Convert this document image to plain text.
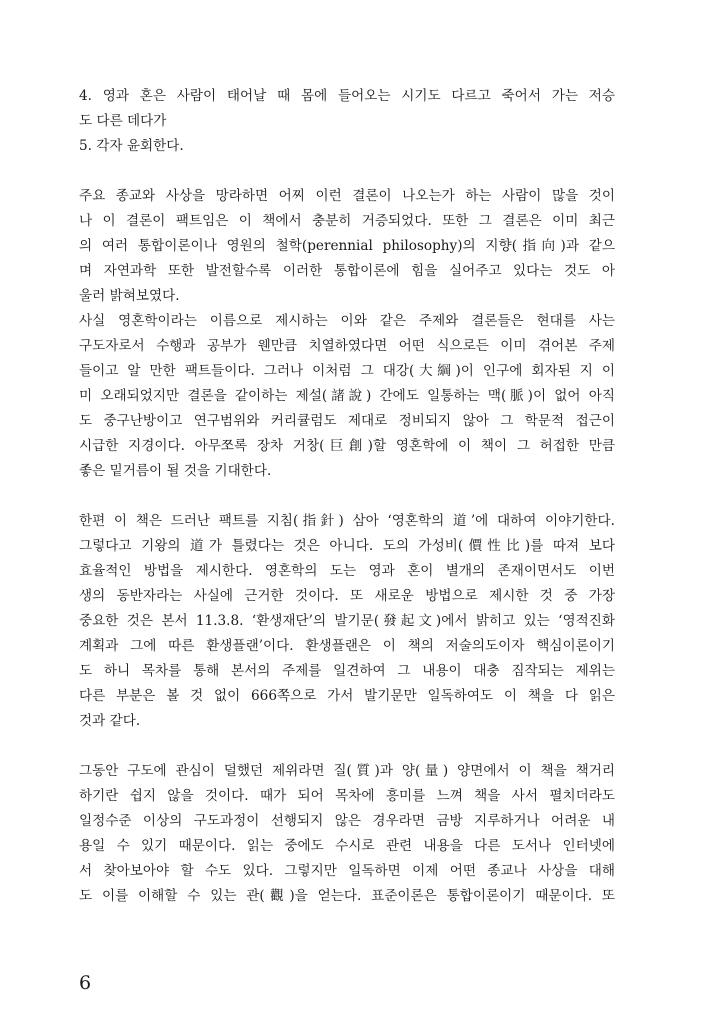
4. 영과 혼은 사람이 태어날 때 몸에 들어오는 시기도 다르고 죽어서 가는 저승
도 다른 데다가
5. 각자 윤회한다.
주요 종교와 사상을 망라하면 어찌 이런 결론이 나오는가 하는 사람이 많을 것이
나 이 결론이 팩트임은 이 책에서 충분히 거증되었다. 또한 그 결론은 이미 최근
의 여러 통합이론이나 영원의 철학(perennial philosophy)의 지향(指向)과 같으
며 자연과학 또한 발전할수록 이러한 통합이론에 힘을 실어주고 있다는 것도 아
울러 밝혀보였다.
사실 영혼학이라는 이름으로 제시하는 이와 같은 주제와 결론들은 현대를 사는
구도자로서 수행과 공부가 웬만큼 치열하였다면 어떤 식으로든 이미 겪어본 주제
들이고 알 만한 팩트들이다. 그러나 이처럼 그 대강(大綱)이 인구에 회자된 지 이
미 오래되었지만 결론을 같이하는 제설(諸說) 간에도 일통하는 맥(脈)이 없어 아직
도 중구난방이고 연구범위와 커리큘럼도 제대로 정비되지 않아 그 학문적 접근이
시급한 지경이다. 아무쪼록 장차 거창(巨創)할 영혼학에 이 책이 그 허접한 만큼
좋은 밑거름이 될 것을 기대한다.
한편 이 책은 드러난 팩트를 지침(指針) 삼아 ‘영혼학의 道’에 대하여 이야기한다.
그렇다고 기왕의 道가 틀렸다는 것은 아니다. 도의 가성비(價性比)를 따져 보다
효율적인 방법을 제시한다. 영혼학의 도는 영과 혼이 별개의 존재이면서도 이번
생의 동반자라는 사실에 근거한 것이다. 또 새로운 방법으로 제시한 것 중 가장
중요한 것은 본서 11.3.8. ‘환생재단’의 발기문(發起文)에서 밝히고 있는 ‘영적진화
계획과 그에 따른 환생플랜’이다. 환생플랜은 이 책의 저술의도이자 핵심이론이기
도 하니 목차를 통해 본서의 주제를 일견하여 그 내용이 대충 짐작되는 제위는
다른 부분은 볼 것 없이 666쪽으로 가서 발기문만 일독하여도 이 책을 다 읽은
것과 같다.
그동안 구도에 관심이 덜했던 제위라면 질(質)과 양(量) 양면에서 이 책을 책거리
하기란 쉽지 않을 것이다. 때가 되어 목차에 흥미를 느껴 책을 사서 펼치더라도
일정수준 이상의 구도과정이 선행되지 않은 경우라면 금방 지루하거나 어려운 내
용일 수 있기 때문이다. 읽는 중에도 수시로 관련 내용을 다른 도서나 인터넷에
서 찾아보아야 할 수도 있다. 그렇지만 일독하면 이제 어떤 종교나 사상을 대해
도 이를 이해할 수 있는 관(觀)을 얻는다. 표준이론은 통합이론이기 때문이다. 또
6
